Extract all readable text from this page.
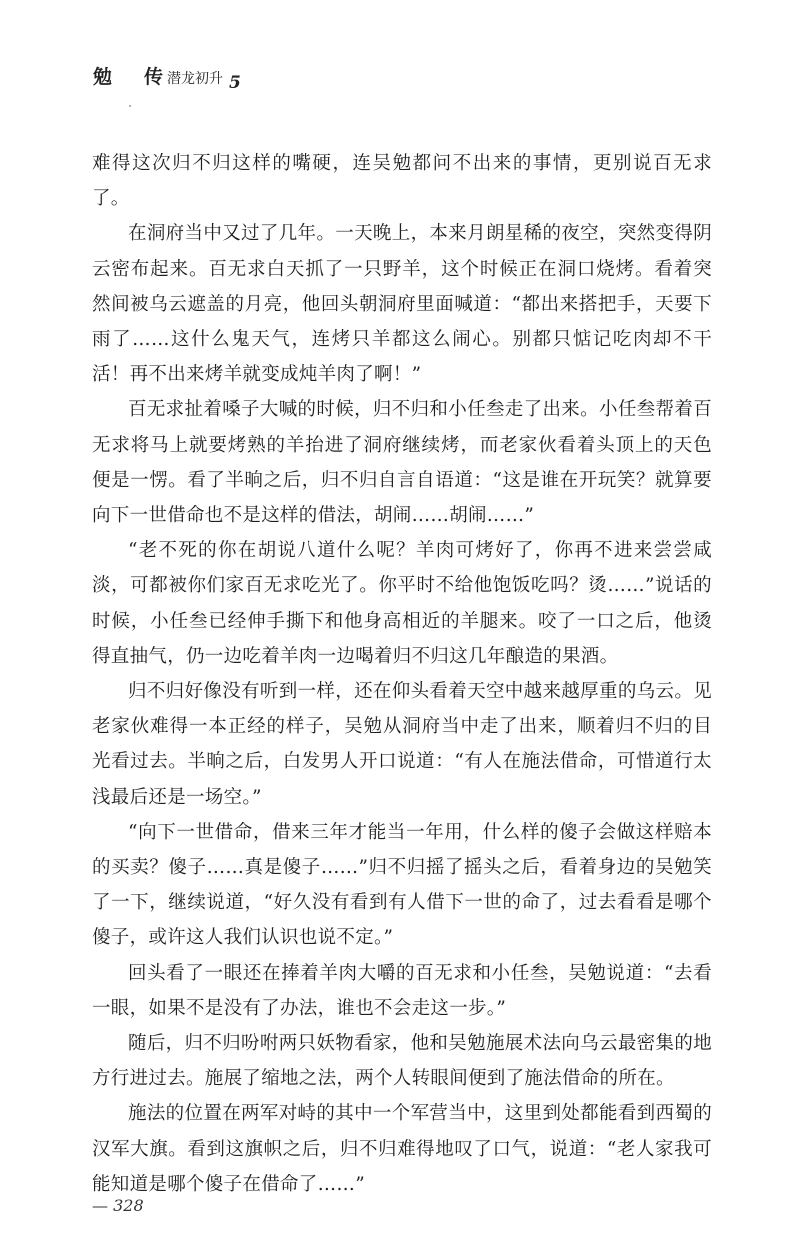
勉 传 潜龙初升 5

难得这次归不归这样的嘴硬，连吴勉都问不出来的事情，更别说百无求了。

在洞府当中又过了几年。一天晚上，本来月朗星稀的夜空，突然变得阴云密布起来。百无求白天抓了一只野羊，这个时候正在洞口烧烤。看着突然间被乌云遮盖的月亮，他回头朝洞府里面喊道：“都出来搭把手，天要下雨了……这什么鬼天气，连烤只羊都这么闹心。别都只惦记吃肉却不干活！再不出来烤羊就变成炖羊肉了啊！”

百无求扯着嗓子大喊的时候，归不归和小任叁走了出来。小任叁帮着百无求将马上就要烤熟的羊抬进了洞府继续烤，而老家伙看着头顶上的天色便是一愣。看了半晌之后，归不归自言自语道：“这是谁在开玩笑？就算要向下一世借命也不是这样的借法，胡闹……胡闹……”

“老不死的你在胡说八道什么呢？羊肉可烤好了，你再不进来尝尝咸淡，可都被你们家百无求吃光了。你平时不给他饱饭吃吗？烫……”说话的时候，小任叁已经伸手撕下和他身高相近的羊腿来。咬了一口之后，他烫得直抽气，仍一边吃着羊肉一边喝着归不归这几年酿造的果酒。

归不归好像没有听到一样，还在仰头看着天空中越来越厚重的乌云。见老家伙难得一本正经的样子，吴勉从洞府当中走了出来，顺着归不归的目光看过去。半晌之后，白发男人开口说道：“有人在施法借命，可惜道行太浅最后还是一场空。”

“向下一世借命，借来三年才能当一年用，什么样的傻子会做这样赔本的买卖？傻子……真是傻子……”归不归摇了摇头之后，看着身边的吴勉笑了一下，继续说道，“好久没有看到有人借下一世的命了，过去看看是哪个傻子，或许这人我们认识也说不定。”

回头看了一眼还在捧着羊肉大嚼的百无求和小任叁，吴勉说道：“去看一眼，如果不是没有了办法，谁也不会走这一步。”

随后，归不归吩咐两只妖物看家，他和吴勉施展术法向乌云最密集的地方行进过去。施展了缩地之法，两个人转眼间便到了施法借命的所在。

施法的位置在两军对峙的其中一个军营当中，这里到处都能看到西蜀的汉军大旗。看到这旗帜之后，归不归难得地叹了口气，说道：“老人家我可能知道是哪个傻子在借命了……”

— 328
